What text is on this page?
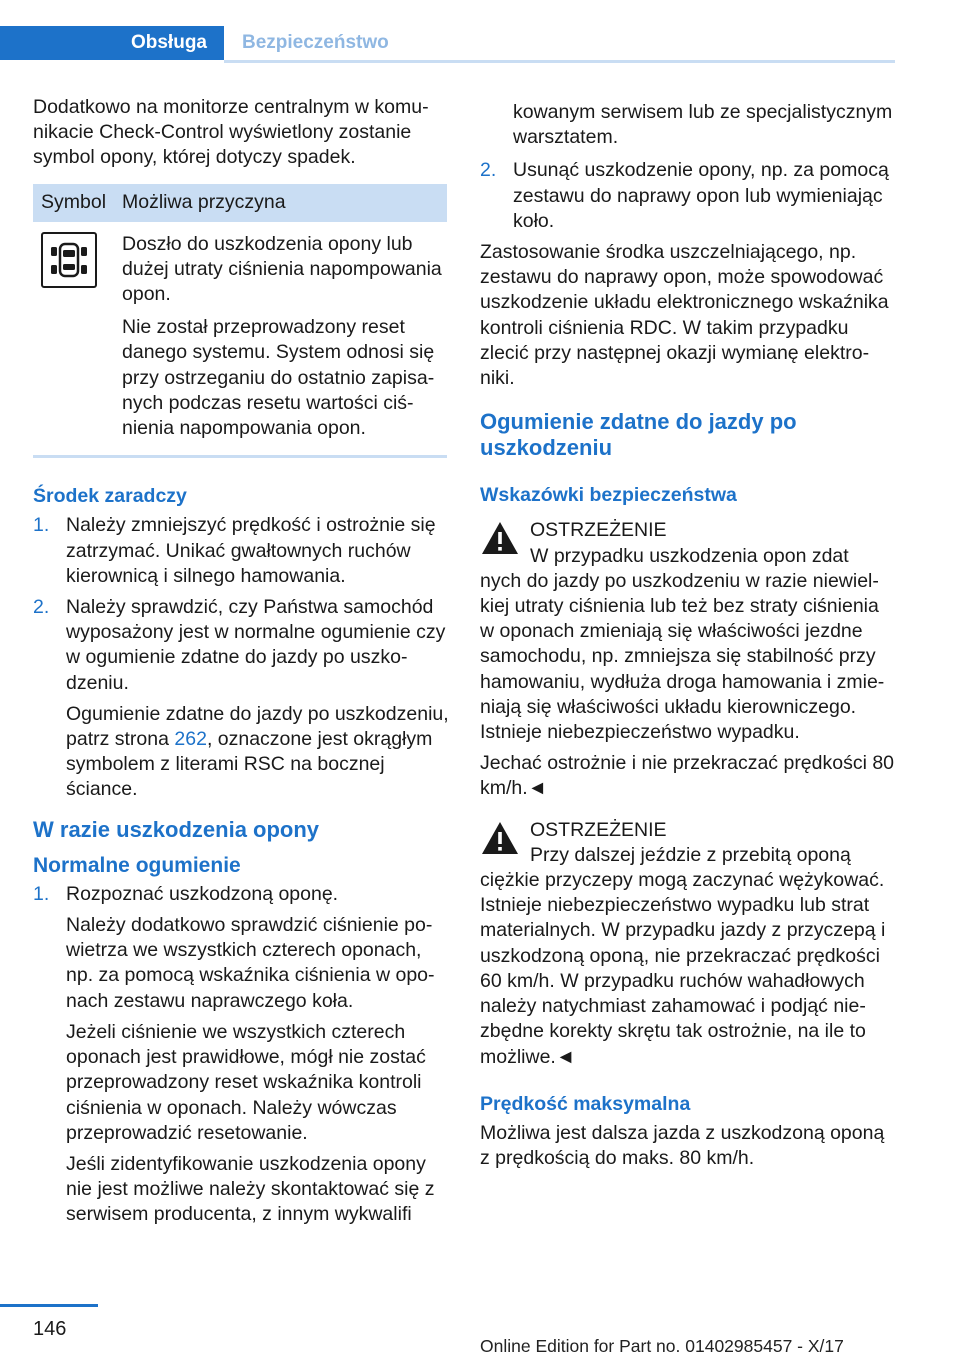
Obsługa	Bezpieczeństwo

Dodatkowo na monitorze centralnym w komunikacie Check-Control wyświetlony zostanie symbol opony, której dotyczy spadek.

Symbol	Możliwa przyczyna

Doszło do uszkodzenia opony lub dużej utraty ciśnienia napompowania opon.

Nie został przeprowadzony reset danego systemu. System odnosi się przy ostrzeganiu do ostatnio zapisanych podczas resetu wartości ciśnienia napompowania opon.

Środek zaradczy
1. Należy zmniejszyć prędkość i ostrożnie się zatrzymać. Unikać gwałtownych ruchów kierownicą i silnego hamowania.

2. Należy sprawdzić, czy Państwa samochód wyposażony jest w normalne ogumienie czy w ogumienie zdatne do jazdy po uszkodzeniu.

Ogumienie zdatne do jazdy po uszkodzeniu, patrz strona 262, oznaczone jest okrągłym symbolem z literami RSC na bocznej ściance.

W razie uszkodzenia opony
Normalne ogumienie
1. Rozpoznać uszkodzoną oponę.

Należy dodatkowo sprawdzić ciśnienie powietrza we wszystkich czterech oponach, np. za pomocą wskaźnika ciśnienia w oponach zestawu naprawczego koła.

Jeżeli ciśnienie we wszystkich czterech oponach jest prawidłowe, mógł nie zostać przeprowadzony reset wskaźnika kontroli ciśnienia w oponach. Należy wówczas przeprowadzić resetowanie.

Jeśli zidentyfikowanie uszkodzenia opony nie jest możliwe należy skontaktować się z serwisem producenta, z innym wykwalifi

kowanym serwisem lub ze specjalistycznym warsztatem.

2. Usunąć uszkodzenie opony, np. za pomocą zestawu do naprawy opon lub wymieniając koło.

Zastosowanie środka uszczelniającego, np. zestawu do naprawy opon, może spowodować uszkodzenie układu elektronicznego wskaźnika kontroli ciśnienia RDC. W takim przypadku zlecić przy następnej okazji wymianę elektroniki.

Ogumienie zdatne do jazdy po uszkodzeniu
Wskazówki bezpieczeństwa

OSTRZEŻENIE

W przypadku uszkodzenia opon zdat

nych do jazdy po uszkodzeniu w razie niewielkiej utraty ciśnienia lub też bez straty ciśnienia w oponach zmieniają się właściwości jezdne samochodu, np. zmniejsza się stabilność przy hamowaniu, wydłuża droga hamowania i zmieniają się właściwości układu kierowniczego. Istnieje niebezpieczeństwo wypadku.

Jechać ostrożnie i nie przekraczać prędkości 80 km/h.◄

OSTRZEŻENIE

Przy dalszej jeździe z przebitą oponą

ciężkie przyczepy mogą zaczynać wężykować. Istnieje niebezpieczeństwo wypadku lub strat materialnych. W przypadku jazdy z przyczepą i uszkodzoną oponą, nie przekraczać prędkości 60 km/h. W przypadku ruchów wahadłowych należy natychmiast zahamować i podjąć niezbędne korekty skrętu tak ostrożnie, na ile to możliwe.◄

Prędkość maksymalna

Możliwa jest dalsza jazda z uszkodzoną oponą z prędkością do maks. 80 km/h.

146
Online Edition for Part no. 01402985457 - X/17
